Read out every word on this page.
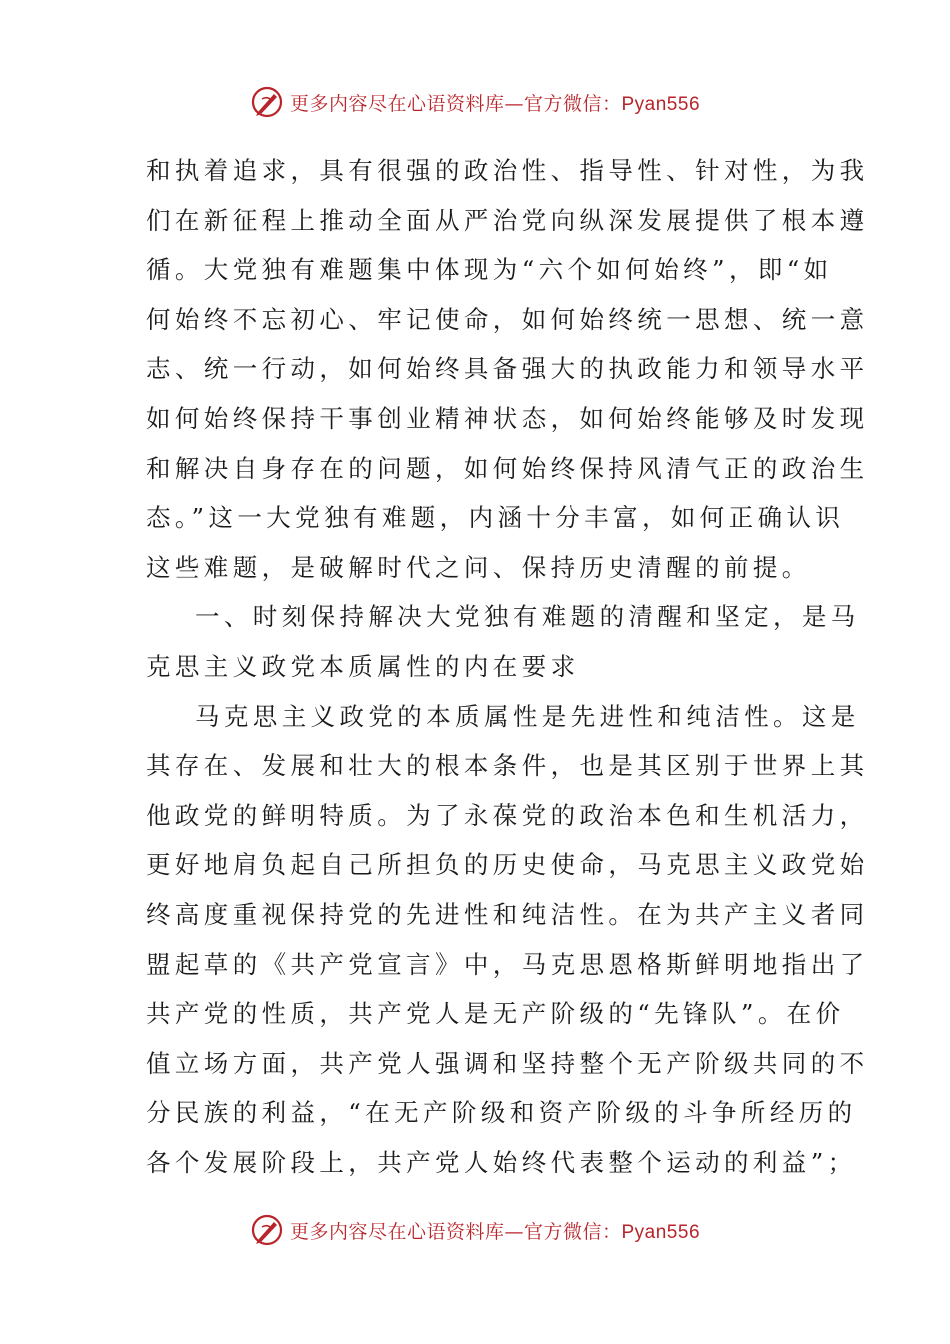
更多内容尽在心语资料库—官方微信：Pyan556
和执着追求，具有很强的政治性、指导性、针对性，为我
们在新征程上推动全面从严治党向纵深发展提供了根本遵
循。大党独有难题集中体现为“六个如何始终”，即“如
何始终不忘初心、牢记使命，如何始终统一思想、统一意
志、统一行动，如何始终具备强大的执政能力和领导水平
如何始终保持干事创业精神状态，如何始终能够及时发现
和解决自身存在的问题，如何始终保持风清气正的政治生
态。”这一大党独有难题，内涵十分丰富，如何正确认识
这些难题，是破解时代之问、保持历史清醒的前提。
一、时刻保持解决大党独有难题的清醒和坚定，是马
克思主义政党本质属性的内在要求
马克思主义政党的本质属性是先进性和纯洁性。这是
其存在、发展和壮大的根本条件，也是其区别于世界上其
他政党的鲜明特质。为了永葆党的政治本色和生机活力，
更好地肩负起自己所担负的历史使命，马克思主义政党始
终高度重视保持党的先进性和纯洁性。在为共产主义者同
盟起草的《共产党宣言》中，马克思恩格斯鲜明地指出了
共产党的性质，共产党人是无产阶级的“先锋队”。在价
值立场方面，共产党人强调和坚持整个无产阶级共同的不
分民族的利益，“在无产阶级和资产阶级的斗争所经历的
各个发展阶段上，共产党人始终代表整个运动的利益”；
更多内容尽在心语资料库—官方微信：Pyan556
